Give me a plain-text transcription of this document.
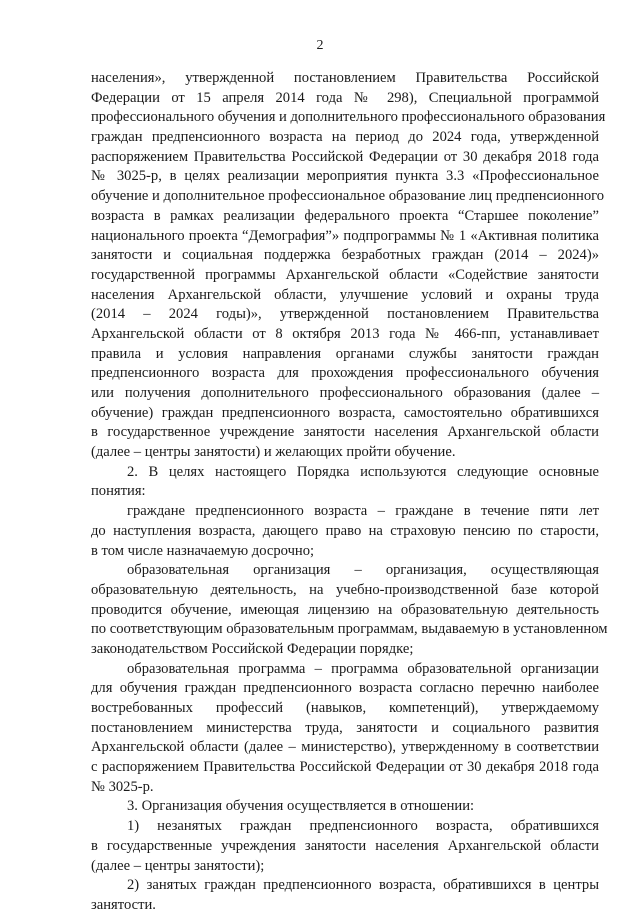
2
населения», утвержденной постановлением Правительства Российской
Федерации от 15 апреля 2014 года № 298), Специальной программой
профессионального обучения и дополнительного профессионального образования
граждан предпенсионного возраста на период до 2024 года, утвержденной
распоряжением Правительства Российской Федерации от 30 декабря 2018 года
№ 3025-р, в целях реализации мероприятия пункта 3.3 «Профессиональное
обучение и дополнительное профессиональное образование лиц предпенсионного
возраста в рамках реализации федерального проекта “Старшее поколение”
национального проекта “Демография”» подпрограммы № 1 «Активная политика
занятости и социальная поддержка безработных граждан (2014 – 2024)»
государственной программы Архангельской области «Содействие занятости
населения Архангельской области, улучшение условий и охраны труда
(2014 – 2024 годы)», утвержденной постановлением Правительства
Архангельской области от 8 октября 2013 года № 466-пп, устанавливает
правила и условия направления органами службы занятости граждан
предпенсионного возраста для прохождения профессионального обучения
или получения дополнительного профессионального образования (далее –
обучение) граждан предпенсионного возраста, самостоятельно обратившихся
в государственное учреждение занятости населения Архангельской области
(далее – центры занятости) и желающих пройти обучение.
2. В целях настоящего Порядка используются следующие основные
понятия:
граждане предпенсионного возраста – граждане в течение пяти лет
до наступления возраста, дающего право на страховую пенсию по старости,
в том числе назначаемую досрочно;
образовательная организация – организация, осуществляющая
образовательную деятельность, на учебно-производственной базе которой
проводится обучение, имеющая лицензию на образовательную деятельность
по соответствующим образовательным программам, выдаваемую в установленном
законодательством Российской Федерации порядке;
образовательная программа – программа образовательной организации
для обучения граждан предпенсионного возраста согласно перечню наиболее
востребованных профессий (навыков, компетенций), утверждаемому
постановлением министерства труда, занятости и социального развития
Архангельской области (далее – министерство), утвержденному в соответствии
с распоряжением Правительства Российской Федерации от 30 декабря 2018 года
№ 3025-р.
3. Организация обучения осуществляется в отношении:
1) незанятых граждан предпенсионного возраста, обратившихся
в государственные учреждения занятости населения Архангельской области
(далее – центры занятости);
2) занятых граждан предпенсионного возраста, обратившихся в центры
занятости.
